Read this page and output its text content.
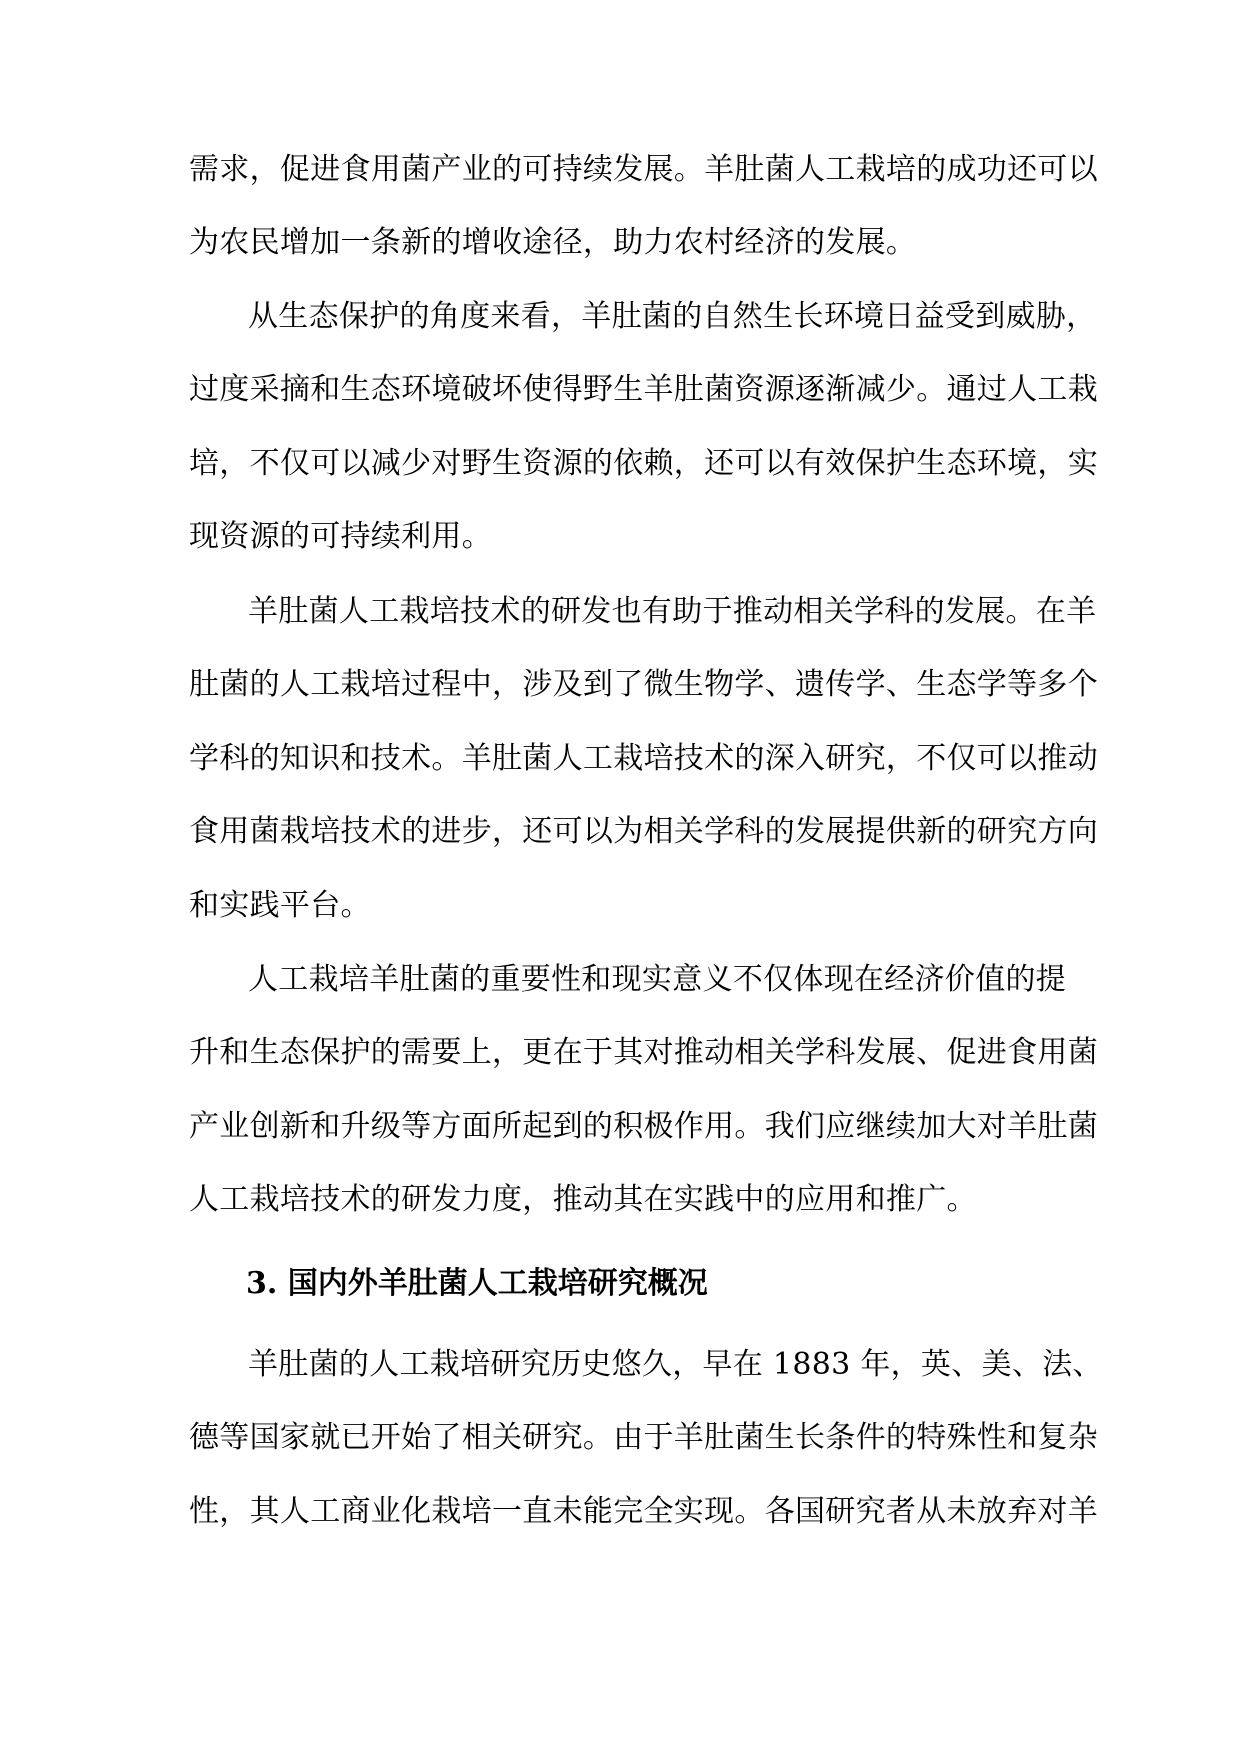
需求，促进食用菌产业的可持续发展。羊肚菌人工栽培的成功还可以
为农民增加一条新的增收途径，助力农村经济的发展。
从生态保护的角度来看，羊肚菌的自然生长环境日益受到威胁，
过度采摘和生态环境破坏使得野生羊肚菌资源逐渐减少。通过人工栽
培，不仅可以减少对野生资源的依赖，还可以有效保护生态环境，实
现资源的可持续利用。
羊肚菌人工栽培技术的研发也有助于推动相关学科的发展。在羊
肚菌的人工栽培过程中，涉及到了微生物学、遗传学、生态学等多个
学科的知识和技术。羊肚菌人工栽培技术的深入研究，不仅可以推动
食用菌栽培技术的进步，还可以为相关学科的发展提供新的研究方向
和实践平台。
人工栽培羊肚菌的重要性和现实意义不仅体现在经济价值的提
升和生态保护的需要上，更在于其对推动相关学科发展、促进食用菌
产业创新和升级等方面所起到的积极作用。我们应继续加大对羊肚菌
人工栽培技术的研发力度，推动其在实践中的应用和推广。
3. 国内外羊肚菌人工栽培研究概况
羊肚菌的人工栽培研究历史悠久，早在 1883 年，英、美、法、
德等国家就已开始了相关研究。由于羊肚菌生长条件的特殊性和复杂
性，其人工商业化栽培一直未能完全实现。各国研究者从未放弃对羊
